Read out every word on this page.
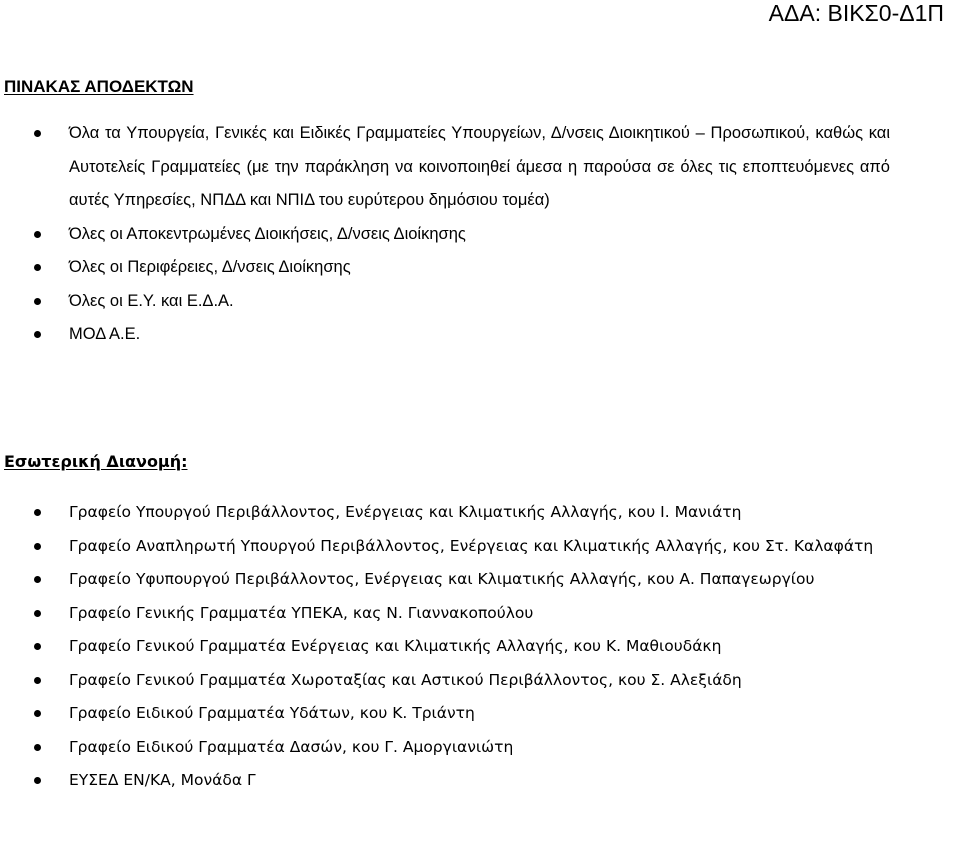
ΑΔΑ: ΒΙΚΣ0-Δ1Π
ΠΙΝΑΚΑΣ ΑΠΟΔΕΚΤΩΝ
Όλα τα Υπουργεία, Γενικές και Ειδικές Γραμματείες Υπουργείων, Δ/νσεις Διοικητικού – Προσωπικού, καθώς και Αυτοτελείς Γραμματείες (με την παράκληση να κοινοποιηθεί άμεσα η παρούσα σε όλες τις εποπτευόμενες από αυτές Υπηρεσίες, ΝΠΔΔ και ΝΠΙΔ του ευρύτερου δημόσιου τομέα)
Όλες οι Αποκεντρωμένες Διοικήσεις, Δ/νσεις Διοίκησης
Όλες οι Περιφέρειες, Δ/νσεις Διοίκησης
Όλες οι Ε.Υ. και Ε.Δ.Α.
ΜΟΔ Α.Ε.
Εσωτερική Διανομή:
Γραφείο Υπουργού Περιβάλλοντος, Ενέργειας και Κλιματικής Αλλαγής, κου Ι. Μανιάτη
Γραφείο Αναπληρωτή Υπουργού Περιβάλλοντος, Ενέργειας και Κλιματικής Αλλαγής, κου Στ. Καλαφάτη
Γραφείο Υφυπουργού Περιβάλλοντος, Ενέργειας και Κλιματικής Αλλαγής, κου Α. Παπαγεωργίου
Γραφείο Γενικής Γραμματέα ΥΠΕΚΑ, κας Ν. Γιαννακοπούλου
Γραφείο Γενικού Γραμματέα Ενέργειας και Κλιματικής Αλλαγής, κου Κ. Μαθιουδάκη
Γραφείο Γενικού Γραμματέα Χωροταξίας και Αστικού Περιβάλλοντος, κου Σ. Αλεξιάδη
Γραφείο Ειδικού Γραμματέα Υδάτων, κου Κ. Τριάντη
Γραφείο Ειδικού Γραμματέα Δασών, κου Γ. Αμοργιανιώτη
ΕΥΣΕΔ ΕΝ/ΚΑ, Μονάδα Γ
